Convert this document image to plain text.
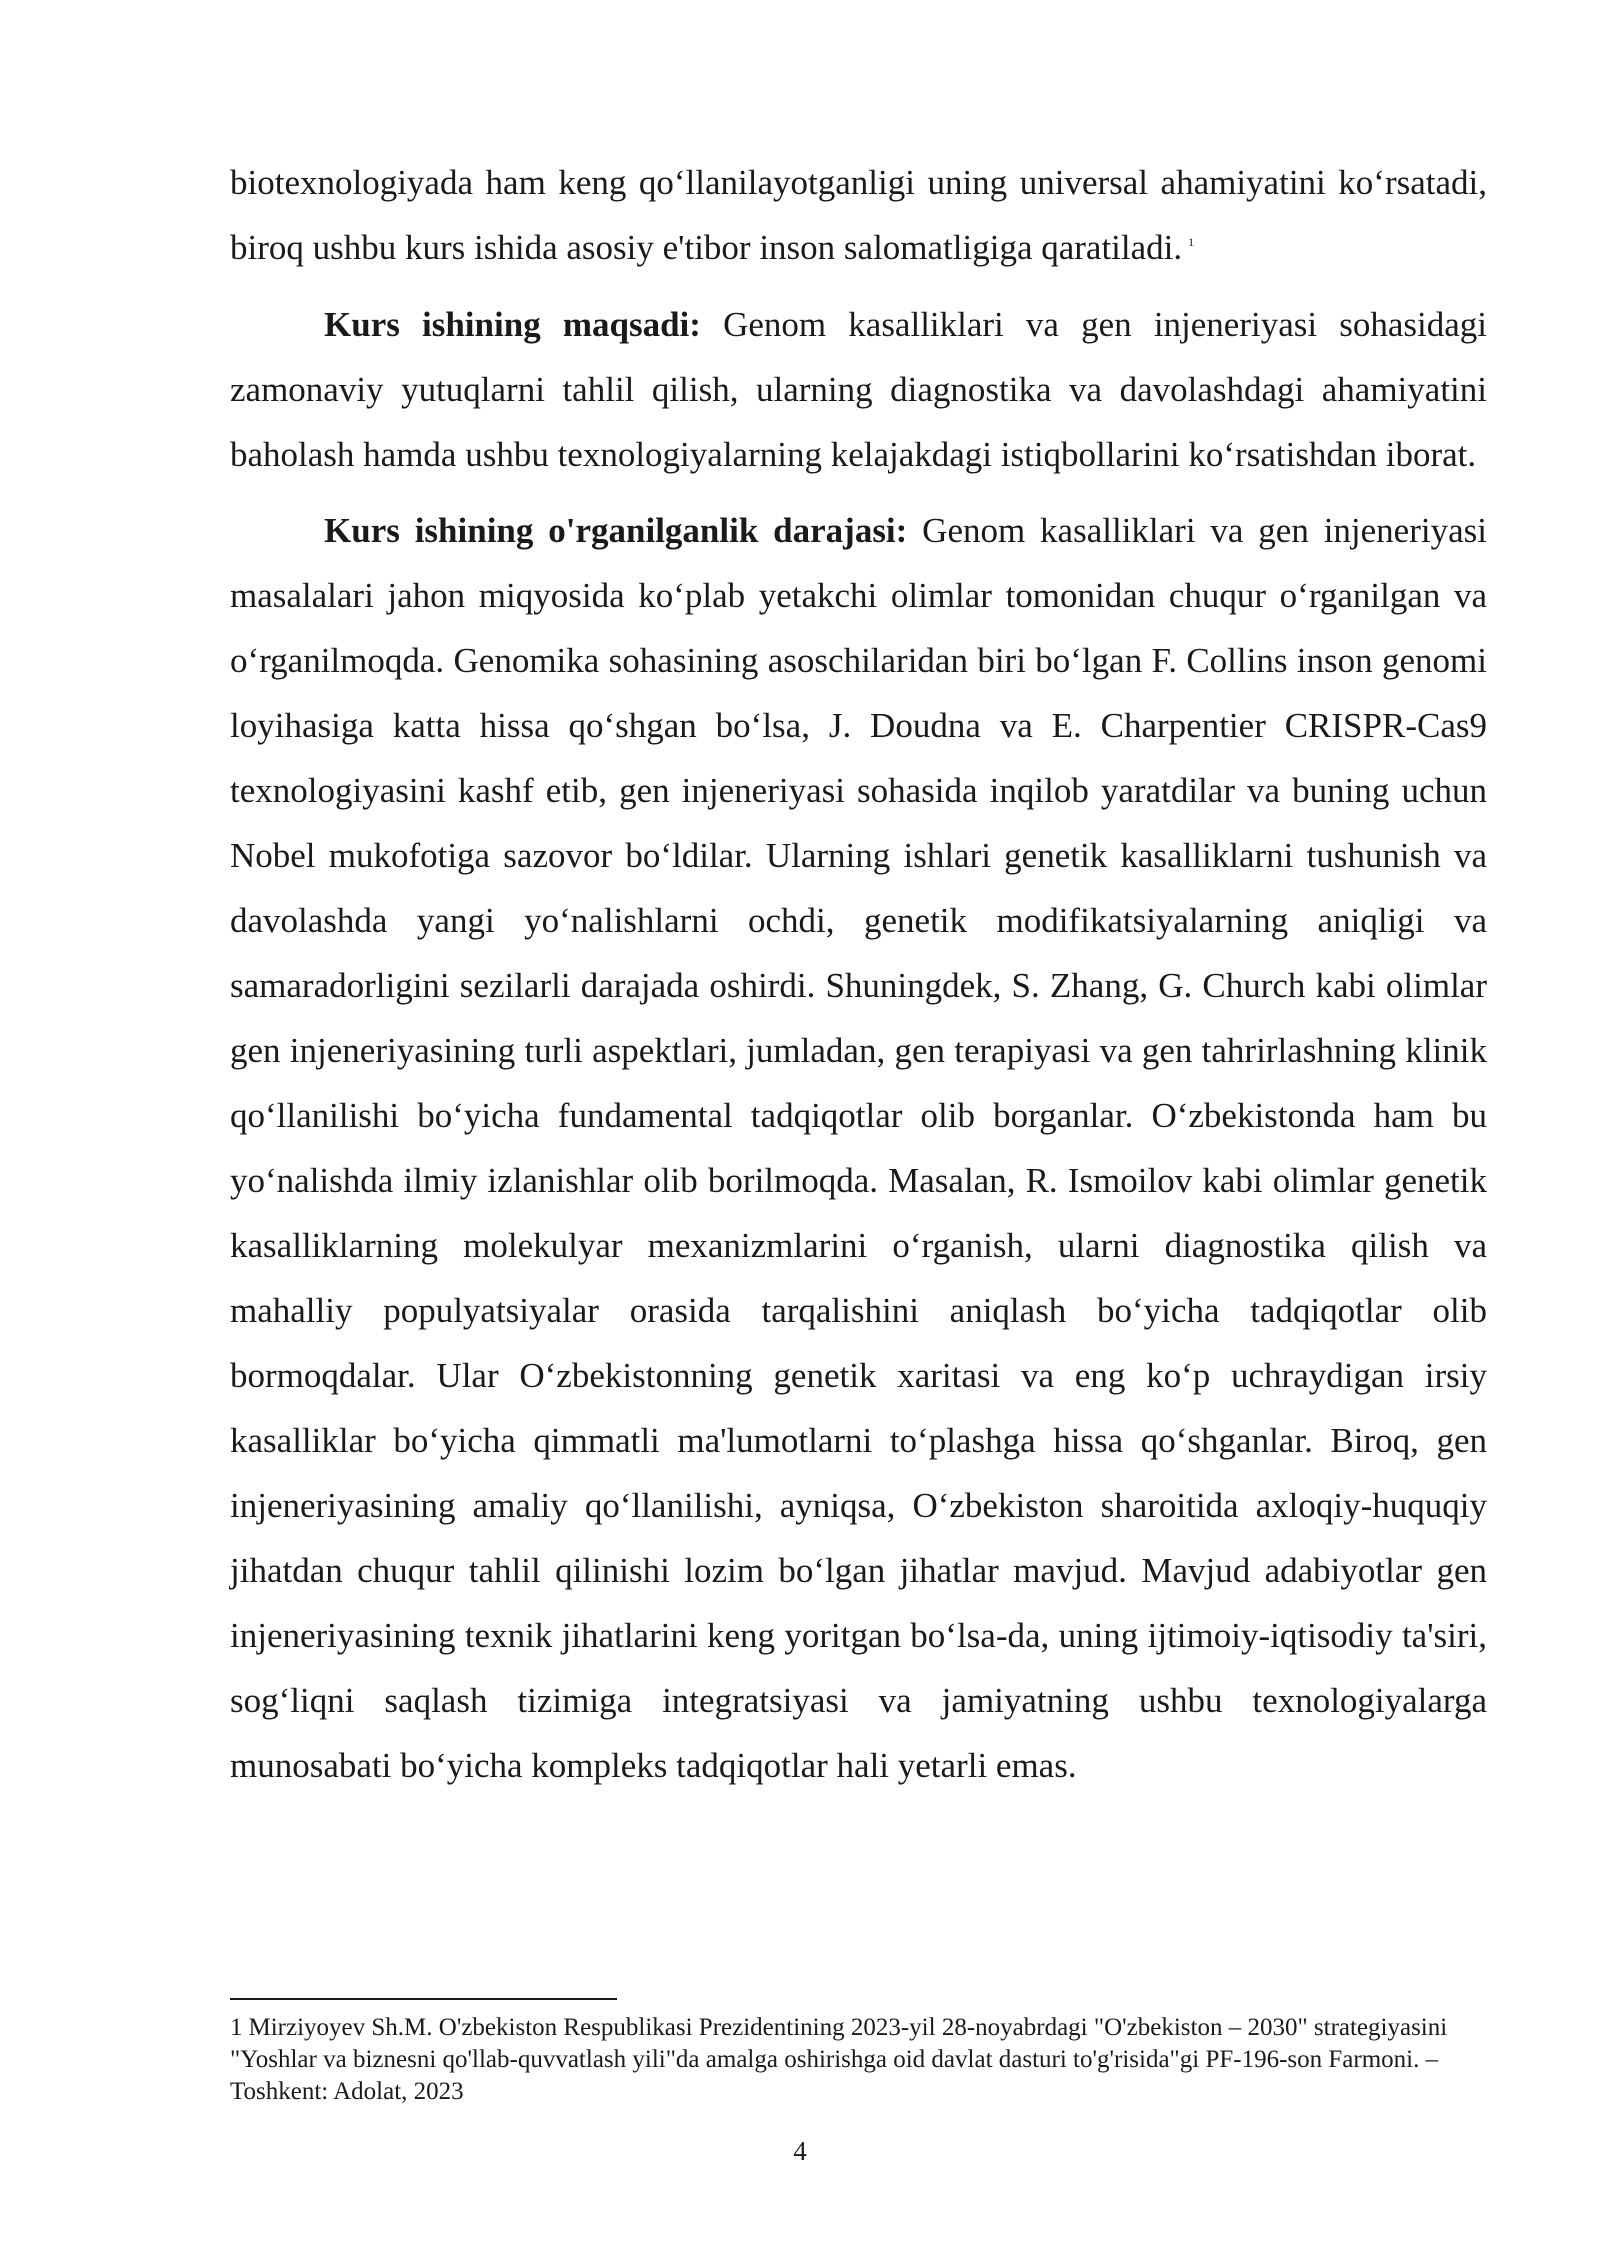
biotexnologiyada ham keng qo‘llanilayotganligi uning universal ahamiyatini ko‘rsatadi, biroq ushbu kurs ishida asosiy e'tibor inson salomatligiga qaratiladi. $^1$

Kurs ishining maqsadi: Genom kasalliklari va gen injeneriyasi sohasidagi zamonaviy yutuqlarni tahlil qilish, ularning diagnostika va davolashdagi ahamiyatini baholash hamda ushbu texnologiyalarning kelajakdagi istiqbollarini ko‘rsatishdan iborat.

Kurs ishining o'rganilganlik darajasi: Genom kasalliklari va gen injeneriyasi masalalari jahon miqyosida ko‘plab yetakchi olimlar tomonidan chuqur o‘rganilgan va o‘rganilmoqda. Genomika sohasining asoschilaridan biri bo‘lgan F. Collins inson genomi loyihasiga katta hissa qo‘shgan bo‘lsa, J. Doudna va E. Charpentier CRISPR-Cas9 texnologiyasini kashf etib, gen injeneriyasi sohasida inqilob yaratdilar va buning uchun Nobel mukofotiga sazovor bo‘ldilar. Ularning ishlari genetik kasalliklarni tushunish va davolashda yangi yo‘nalishlarni ochdi, genetik modifikatsiyalarning aniqligi va samaradorligini sezilarli darajada oshirdi. Shuningdek, S. Zhang, G. Church kabi olimlar gen injeneriyasining turli aspektlari, jumladan, gen terapiyasi va gen tahrirlashning klinik qo‘llanilishi bo‘yicha fundamental tadqiqotlar olib borganlar. O‘zbekistonda ham bu yo‘nalishda ilmiy izlanishlar olib borilmoqda. Masalan, R. Ismoilov kabi olimlar genetik kasalliklarning molekulyar mexanizmlarini o‘rganish, ularni diagnostika qilish va mahalliy populyatsiyalar orasida tarqalishini aniqlash bo‘yicha tadqiqotlar olib bormoqdalar. Ular O‘zbekistonning genetik xaritasi va eng ko‘p uchraydigan irsiy kasalliklar bo‘yicha qimmatli ma'lumotlarni to‘plashga hissa qo‘shganlar. Biroq, gen injeneriyasining amaliy qo‘llanilishi, ayniqsa, O‘zbekiston sharoitida axloqiy-huquqiy jihatdan chuqur tahlil qilinishi lozim bo‘lgan jihatlar mavjud. Mavjud adabiyotlar gen injeneriyasining texnik jihatlarini keng yoritgan bo‘lsa-da, uning ijtimoiy-iqtisodiy ta'siri, sog‘liqni saqlash tizimiga integratsiyasi va jamiyatning ushbu texnologiyalarga munosabati bo‘yicha kompleks tadqiqotlar hali yetarli emas.

1 Mirziyoyev Sh.M. O'zbekiston Respublikasi Prezidentining 2023-yil 28-noyabrdagi "O'zbekiston – 2030" strategiyasini "Yoshlar va biznesni qo'llab-quvvatlash yili"da amalga oshirishga oid davlat dasturi to'g'risida"gi PF-196-son Farmoni. – Toshkent: Adolat, 2023
4
